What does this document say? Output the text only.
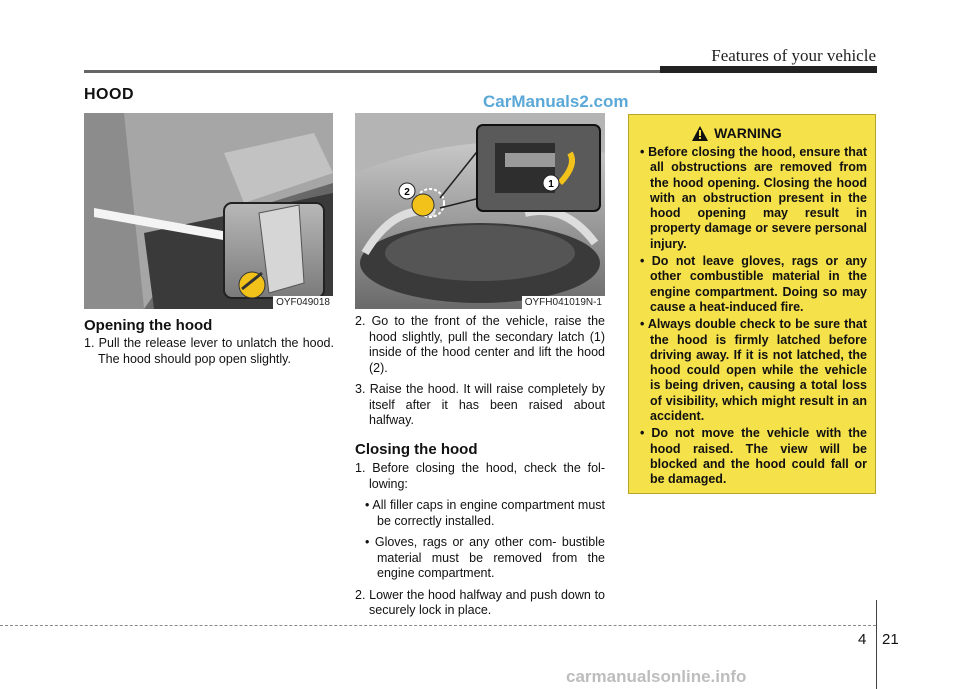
Features of your vehicle
HOOD	CarManuals2.com
OYF049018
1
2
OYFH041019N-1
Opening the hood

1. Pull the release lever to unlatch the hood. The hood should pop open slightly.

2. Go to the front of the vehicle, raise the hood slightly, pull the secondary latch (1) inside of the hood center and lift the hood (2).

3. Raise the hood. It will raise completely by itself after it has been raised about halfway.

Closing the hood

1. Before closing the hood, check the fol- lowing:

• All filler caps in engine compartment must be correctly installed.

• Gloves, rags or any other com- bustible material must be removed from the engine compartment.

2. Lower the hood halfway and push down to securely lock in place.

WARNING
• Before closing the hood, ensure that all obstructions are removed from the hood opening. Closing the hood with an obstruction present in the hood opening may result in property damage or severe personal injury.
• Do not leave gloves, rags or any other combustible material in the engine compartment. Doing so may cause a heat-induced fire.
• Always double check to be sure that the hood is firmly latched before driving away. If it is not latched, the hood could open while the vehicle is being driven, causing a total loss of visibility, which might result in an accident.
• Do not move the vehicle with the hood raised. The view will be blocked and the hood could fall or be damaged.
4 21
carmanualsonline.info
